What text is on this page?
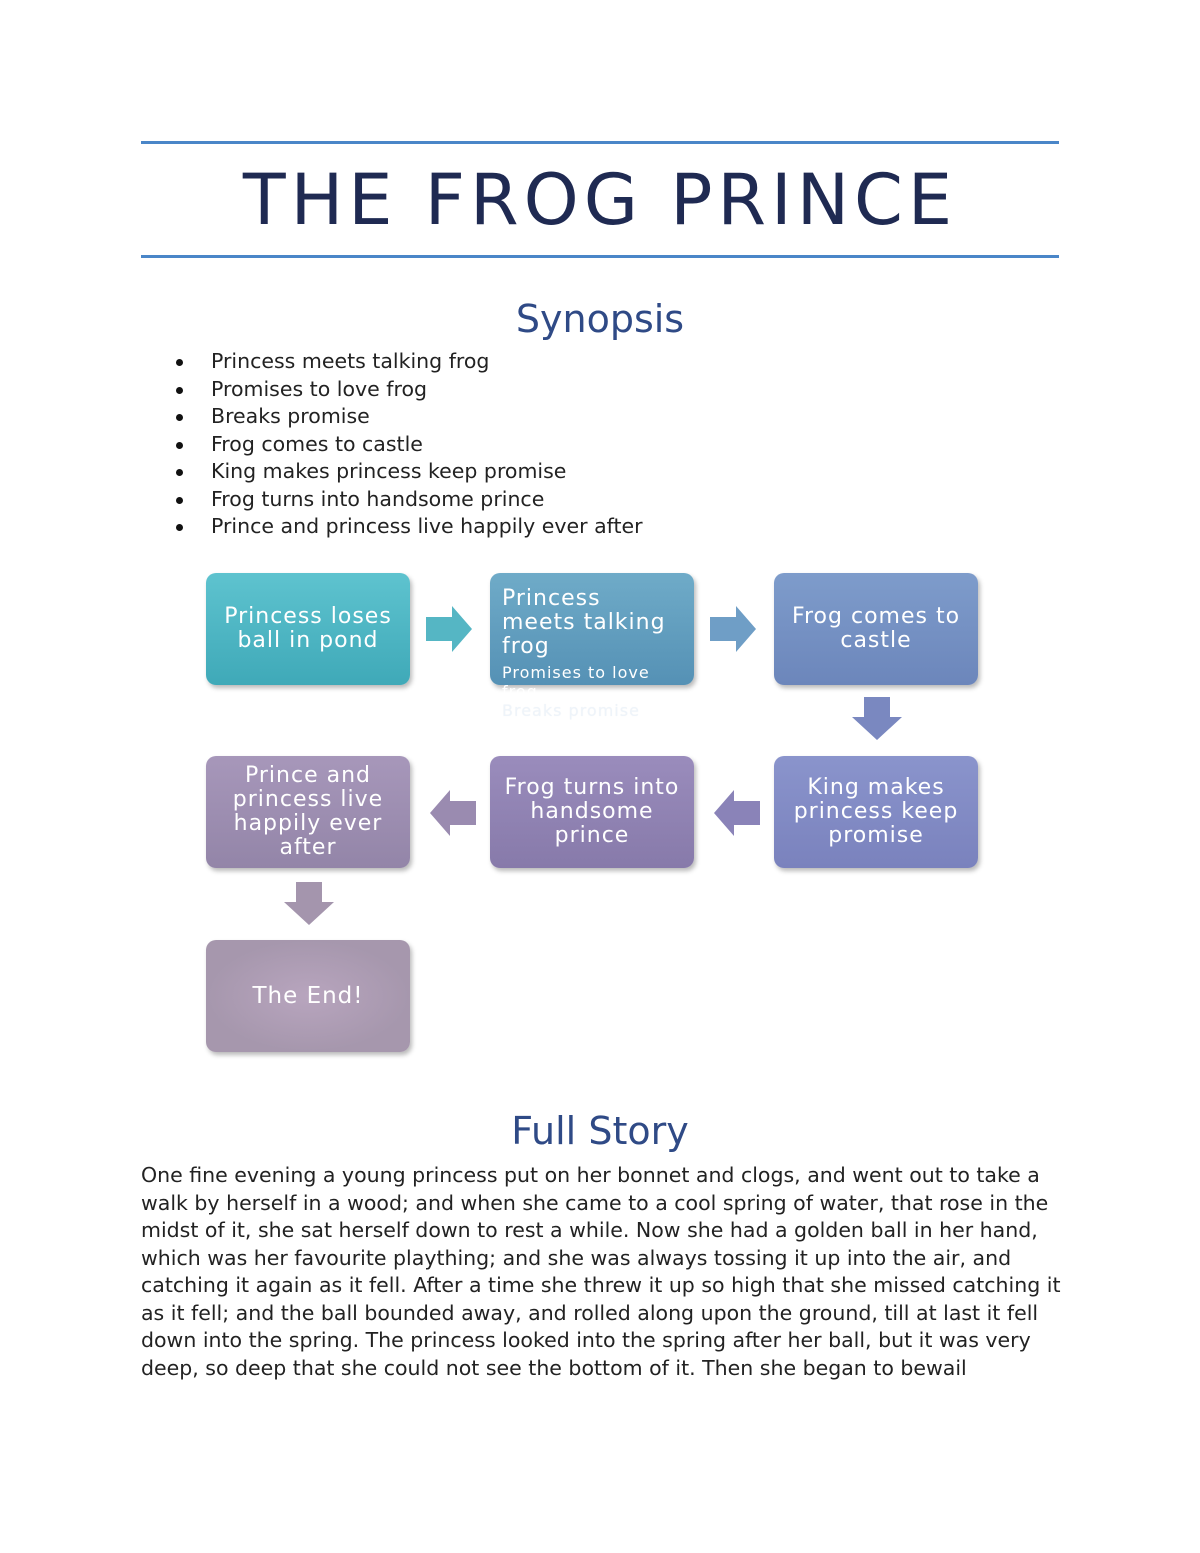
THE FROG PRINCE
Synopsis
Princess meets talking frog
Promises to love frog
Breaks promise
Frog comes to castle
King makes princess keep promise
Frog turns into handsome prince
Prince and princess live happily ever after
Princess loses ball in pond
Princess meets talking frog
Promises to love frog
Breaks promise
Frog comes to castle
King makes princess keep promise
Frog turns into handsome prince
Prince and princess live happily ever after
The End!
Full Story

One fine evening a young princess put on her bonnet and clogs, and went out to take a walk by herself in a wood; and when she came to a cool spring of water, that rose in the midst of it, she sat herself down to rest a while. Now she had a golden ball in her hand, which was her favourite plaything; and she was always tossing it up into the air, and catching it again as it fell. After a time she threw it up so high that she missed catching it as it fell; and the ball bounded away, and rolled along upon the ground, till at last it fell down into the spring. The princess looked into the spring after her ball, but it was very deep, so deep that she could not see the bottom of it. Then she began to bewail
